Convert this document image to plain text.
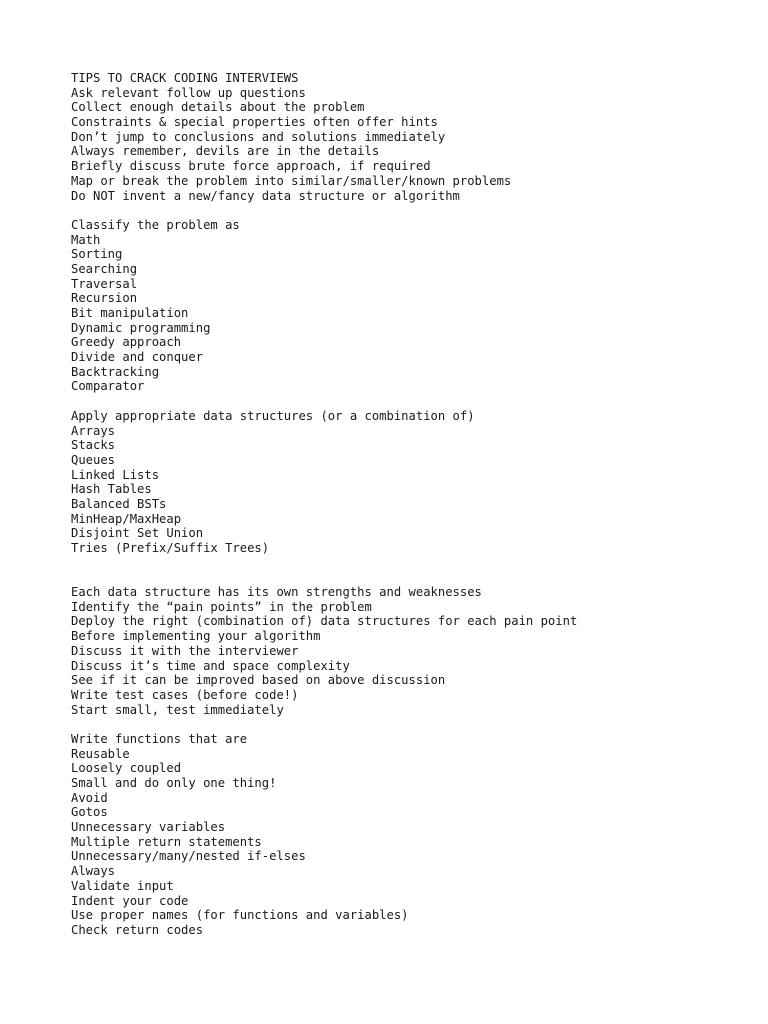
TIPS TO CRACK CODING INTERVIEWS
Ask relevant follow up questions
Collect enough details about the problem
Constraints & special properties often offer hints
Don’t jump to conclusions and solutions immediately
Always remember, devils are in the details
Briefly discuss brute force approach, if required
Map or break the problem into similar/smaller/known problems
Do NOT invent a new/fancy data structure or algorithm
Classify the problem as
Math
Sorting
Searching
Traversal
Recursion
Bit manipulation
Dynamic programming
Greedy approach
Divide and conquer
Backtracking
Comparator
Apply appropriate data structures (or a combination of)
Arrays
Stacks
Queues
Linked Lists
Hash Tables
Balanced BSTs
MinHeap/MaxHeap
Disjoint Set Union
Tries (Prefix/Suffix Trees)
Each data structure has its own strengths and weaknesses
Identify the “pain points” in the problem
Deploy the right (combination of) data structures for each pain point
Before implementing your algorithm
Discuss it with the interviewer
Discuss it’s time and space complexity
See if it can be improved based on above discussion
Write test cases (before code!)
Start small, test immediately
Write functions that are
Reusable
Loosely coupled
Small and do only one thing!
Avoid
Gotos
Unnecessary variables
Multiple return statements
Unnecessary/many/nested if-elses
Always
Validate input
Indent your code
Use proper names (for functions and variables)
Check return codes
